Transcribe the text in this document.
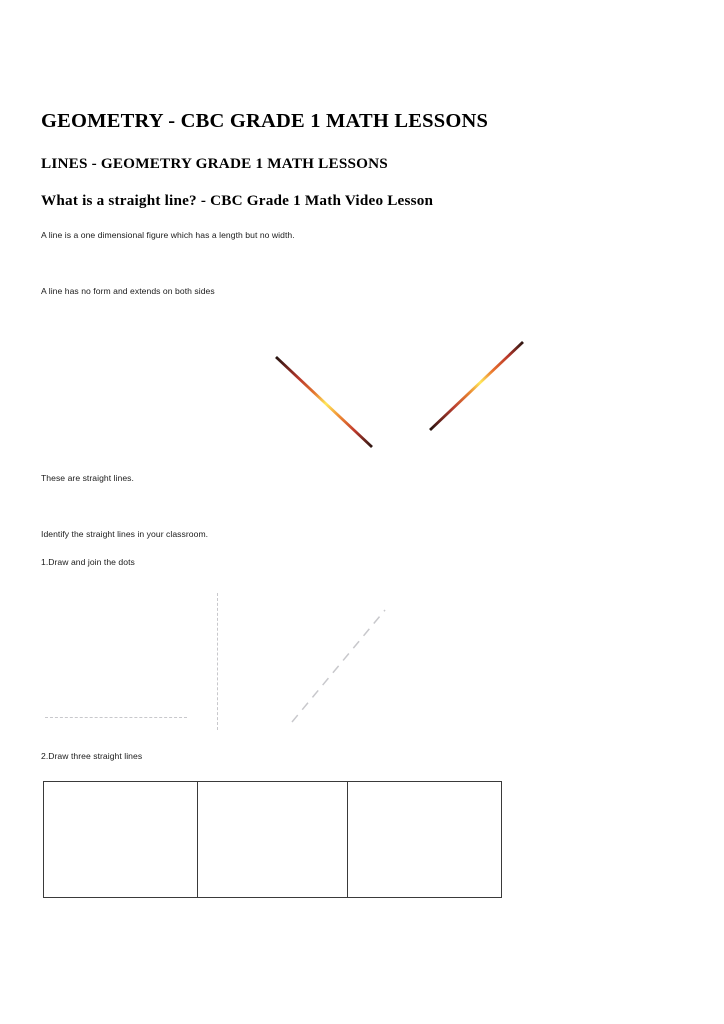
GEOMETRY - CBC GRADE 1 MATH LESSONS
LINES - GEOMETRY GRADE 1 MATH LESSONS
What is a straight line? - CBC Grade 1 Math Video Lesson
A line is a one dimensional figure which has a length but no width.
A line has no form and extends on both sides
These are straight lines.
Identify the straight lines in your classroom.
1.Draw and join the dots
2.Draw three straight lines
